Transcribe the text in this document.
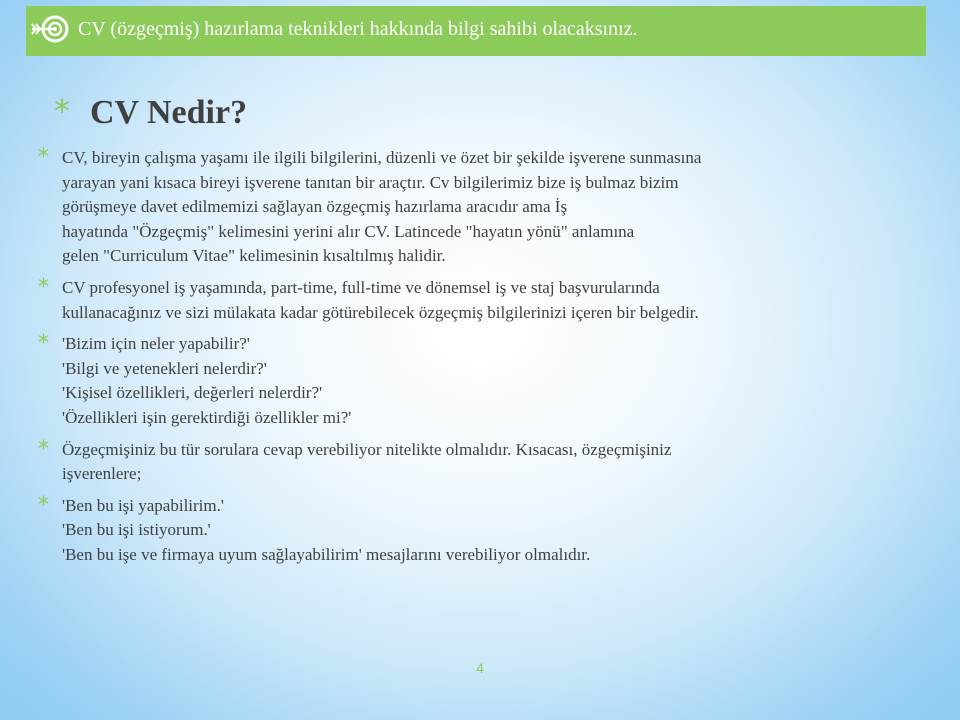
CV (özgeçmiş) hazırlama teknikleri hakkında bilgi sahibi olacaksınız.
* CV Nedir?
* CV, bireyin çalışma yaşamı ile ilgili bilgilerini, düzenli ve özet bir şekilde işverene sunmasına
yarayan yani kısaca bireyi işverene tanıtan bir araçtır. Cv bilgilerimiz bize iş bulmaz bizim
görüşmeye davet edilmemizi sağlayan özgeçmiş hazırlama aracıdır ama İş
hayatında "Özgeçmiş" kelimesini yerini alır CV. Latincede "hayatın yönü" anlamına
gelen "Curriculum Vitae" kelimesinin kısaltılmış halidir.
* CV profesyonel iş yaşamında, part-time, full-time ve dönemsel iş ve staj başvurularında
kullanacağınız ve sizi mülakata kadar götürebilecek özgeçmiş bilgilerinizi içeren bir belgedir.
* 'Bizim için neler yapabilir?'
'Bilgi ve yetenekleri nelerdir?'
'Kişisel özellikleri, değerleri nelerdir?'
'Özellikleri işin gerektirdiği özellikler mi?'
* Özgeçmişiniz bu tür sorulara cevap verebiliyor nitelikte olmalıdır. Kısacası, özgeçmişiniz
işverenlere;
* 'Ben bu işi yapabilirim.'
'Ben bu işi istiyorum.'
'Ben bu işe ve firmaya uyum sağlayabilirim' mesajlarını verebiliyor olmalıdır.
4
